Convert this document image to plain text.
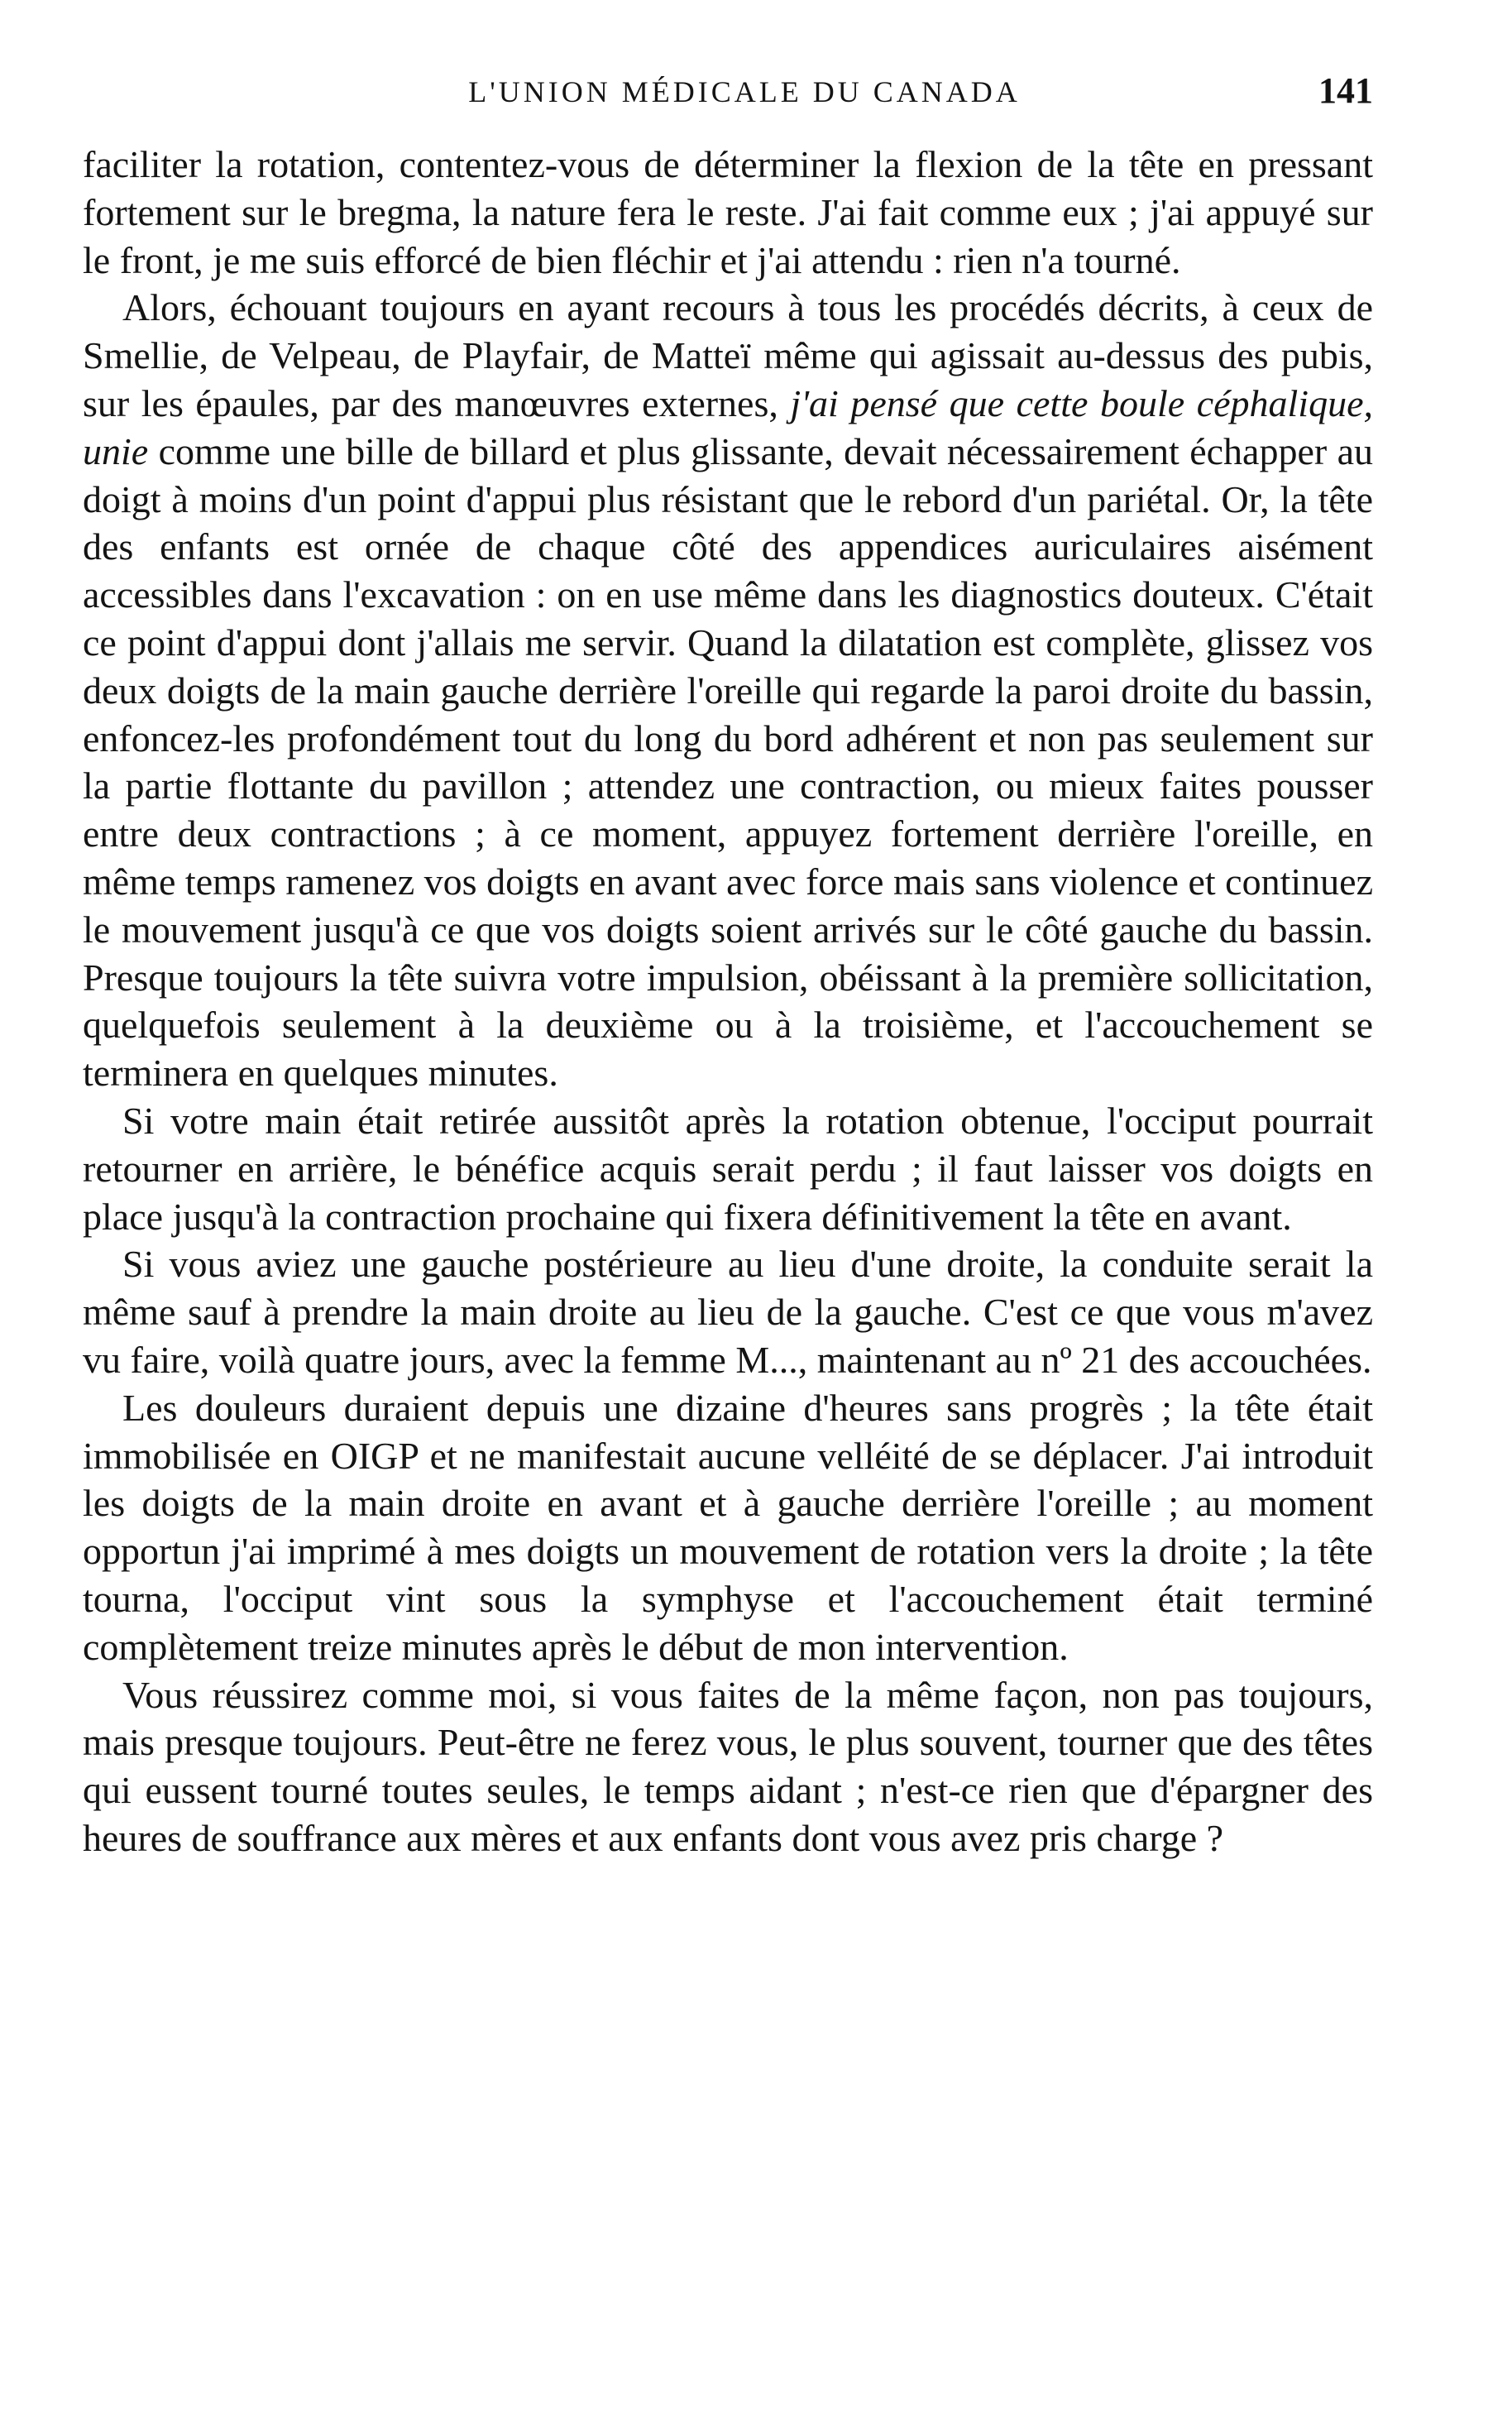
L'UNION MÉDICALE DU CANADA	141

faciliter la rotation, contentez-vous de déterminer la flexion de la tête en pressant fortement sur le bregma, la nature fera le reste. J'ai fait comme eux ; j'ai appuyé sur le front, je me suis efforcé de bien fléchir et j'ai attendu : rien n'a tourné.

Alors, échouant toujours en ayant recours à tous les procédés décrits, à ceux de Smellie, de Velpeau, de Playfair, de Matteï même qui agissait au-dessus des pubis, sur les épaules, par des manœuvres externes, j'ai pensé que cette boule céphalique, unie comme une bille de billard et plus glissante, devait nécessairement échapper au doigt à moins d'un point d'appui plus résistant que le rebord d'un pariétal. Or, la tête des enfants est ornée de chaque côté des appendices auriculaires aisément accessibles dans l'excavation : on en use même dans les diagnostics douteux. C'était ce point d'appui dont j'allais me servir. Quand la dilatation est complète, glissez vos deux doigts de la main gauche derrière l'oreille qui regarde la paroi droite du bassin, enfoncez-les profondément tout du long du bord adhérent et non pas seulement sur la partie flottante du pavillon ; attendez une contraction, ou mieux faites pousser entre deux contractions ; à ce moment, appuyez fortement derrière l'oreille, en même temps ramenez vos doigts en avant avec force mais sans violence et continuez le mouvement jusqu'à ce que vos doigts soient arrivés sur le côté gauche du bassin. Presque toujours la tête suivra votre impulsion, obéissant à la première sollicitation, quelquefois seulement à la deuxième ou à la troisième, et l'accouchement se terminera en quelques minutes.

Si votre main était retirée aussitôt après la rotation obtenue, l'occiput pourrait retourner en arrière, le bénéfice acquis serait perdu ; il faut laisser vos doigts en place jusqu'à la contraction prochaine qui fixera définitivement la tête en avant.

Si vous aviez une gauche postérieure au lieu d'une droite, la conduite serait la même sauf à prendre la main droite au lieu de la gauche. C'est ce que vous m'avez vu faire, voilà quatre jours, avec la femme M..., maintenant au nº 21 des accouchées.

Les douleurs duraient depuis une dizaine d'heures sans progrès ; la tête était immobilisée en OIGP et ne manifestait aucune velléité de se déplacer. J'ai introduit les doigts de la main droite en avant et à gauche derrière l'oreille ; au moment opportun j'ai imprimé à mes doigts un mouvement de rotation vers la droite ; la tête tourna, l'occiput vint sous la symphyse et l'accouchement était terminé complètement treize minutes après le début de mon intervention.

Vous réussirez comme moi, si vous faites de la même façon, non pas toujours, mais presque toujours. Peut-être ne ferez vous, le plus souvent, tourner que des têtes qui eussent tourné toutes seules, le temps aidant ; n'est-ce rien que d'épargner des heures de souffrance aux mères et aux enfants dont vous avez pris charge ?
